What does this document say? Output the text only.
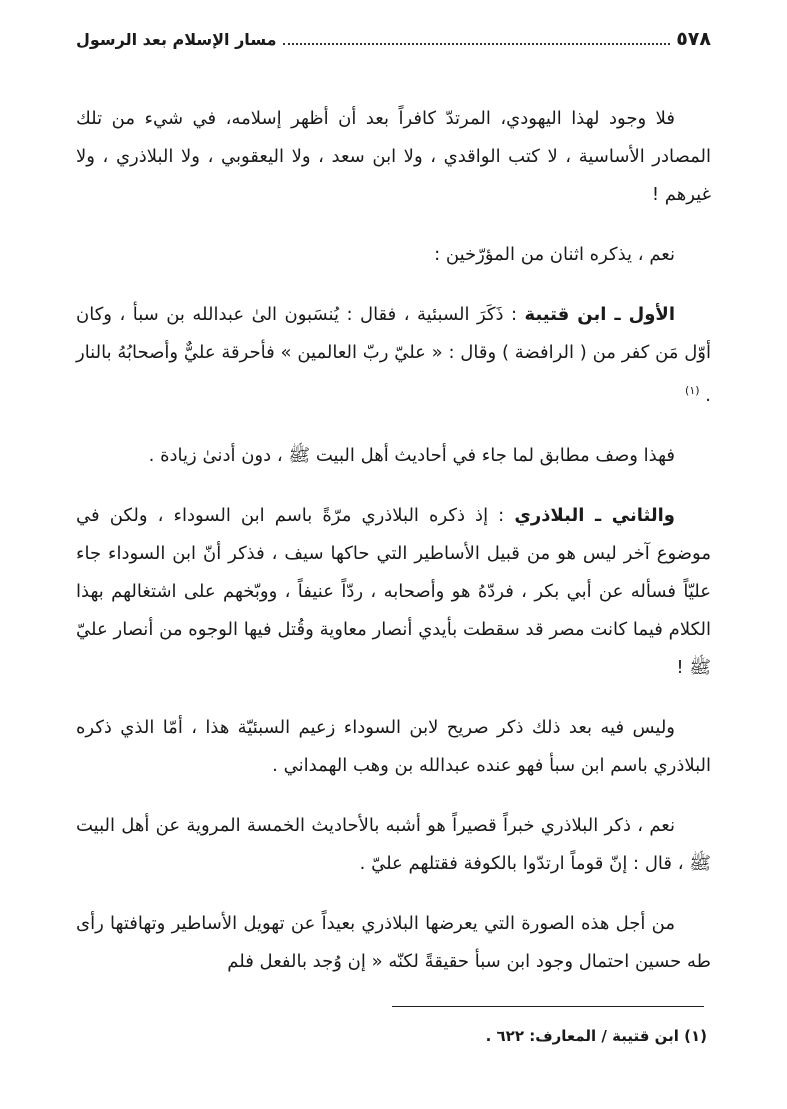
٥٧٨
مسار الإسلام بعد الرسول

فلا وجود لهذا اليهودي، المرتدّ كافراً بعد أن أظهر إسلامه، في شيء من تلك المصادر الأساسية ، لا كتب الواقدي ، ولا ابن سعد ، ولا اليعقوبي ، ولا البلاذري ، ولا غيرهم !

نعم ، يذكره اثنان من المؤرّخين :

الأول ـ ابن قتيبة : ذَكَرَ السبئية ، فقال : يُنسَبون الىٰ عبدالله بن سبأ ، وكان أوّل مَن كفر من ( الرافضة ) وقال : « عليّ ربّ العالمين » فأحرقة عليٌّ وأصحابُهُ بالنار . $^{(١)}$

فهذا وصف مطابق لما جاء في أحاديث أهل البيت ﷺ ، دون أدنىٰ زيادة .

والثاني ـ البلاذري : إذ ذكره البلاذري مرّةً باسم ابن السوداء ، ولكن في موضوع آخر ليس هو من قبيل الأساطير التي حاكها سيف ، فذكر أنّ ابن السوداء جاء عليّاً فسأله عن أبي بكر ، فردّهُ هو وأصحابه ، ردّاً عنيفاً ، ووبّخهم على اشتغالهم بهذا الكلام فيما كانت مصر قد سقطت بأيدي أنصار معاوية وقُتل فيها الوجوه من أنصار عليّ ﷺ !

وليس فيه بعد ذلك ذكر صريح لابن السوداء زعيم السبئيّة هذا ، أمّا الذي ذكره البلاذري باسم ابن سبأ فهو عنده عبدالله بن وهب الهمداني .

نعم ، ذكر البلاذري خبراً قصيراً هو أشبه بالأحاديث الخمسة المروية عن أهل البيت ﷺ ، قال : إنّ قوماً ارتدّوا بالكوفة فقتلهم عليّ .

من أجل هذه الصورة التي يعرضها البلاذري بعيداً عن تهويل الأساطير وتهافتها رأى طه حسين احتمال وجود ابن سبأ حقيقةً لكنّه « إن وُجد بالفعل فلم

(١) ابن قتيبة / المعارف: ٦٢٢ .
